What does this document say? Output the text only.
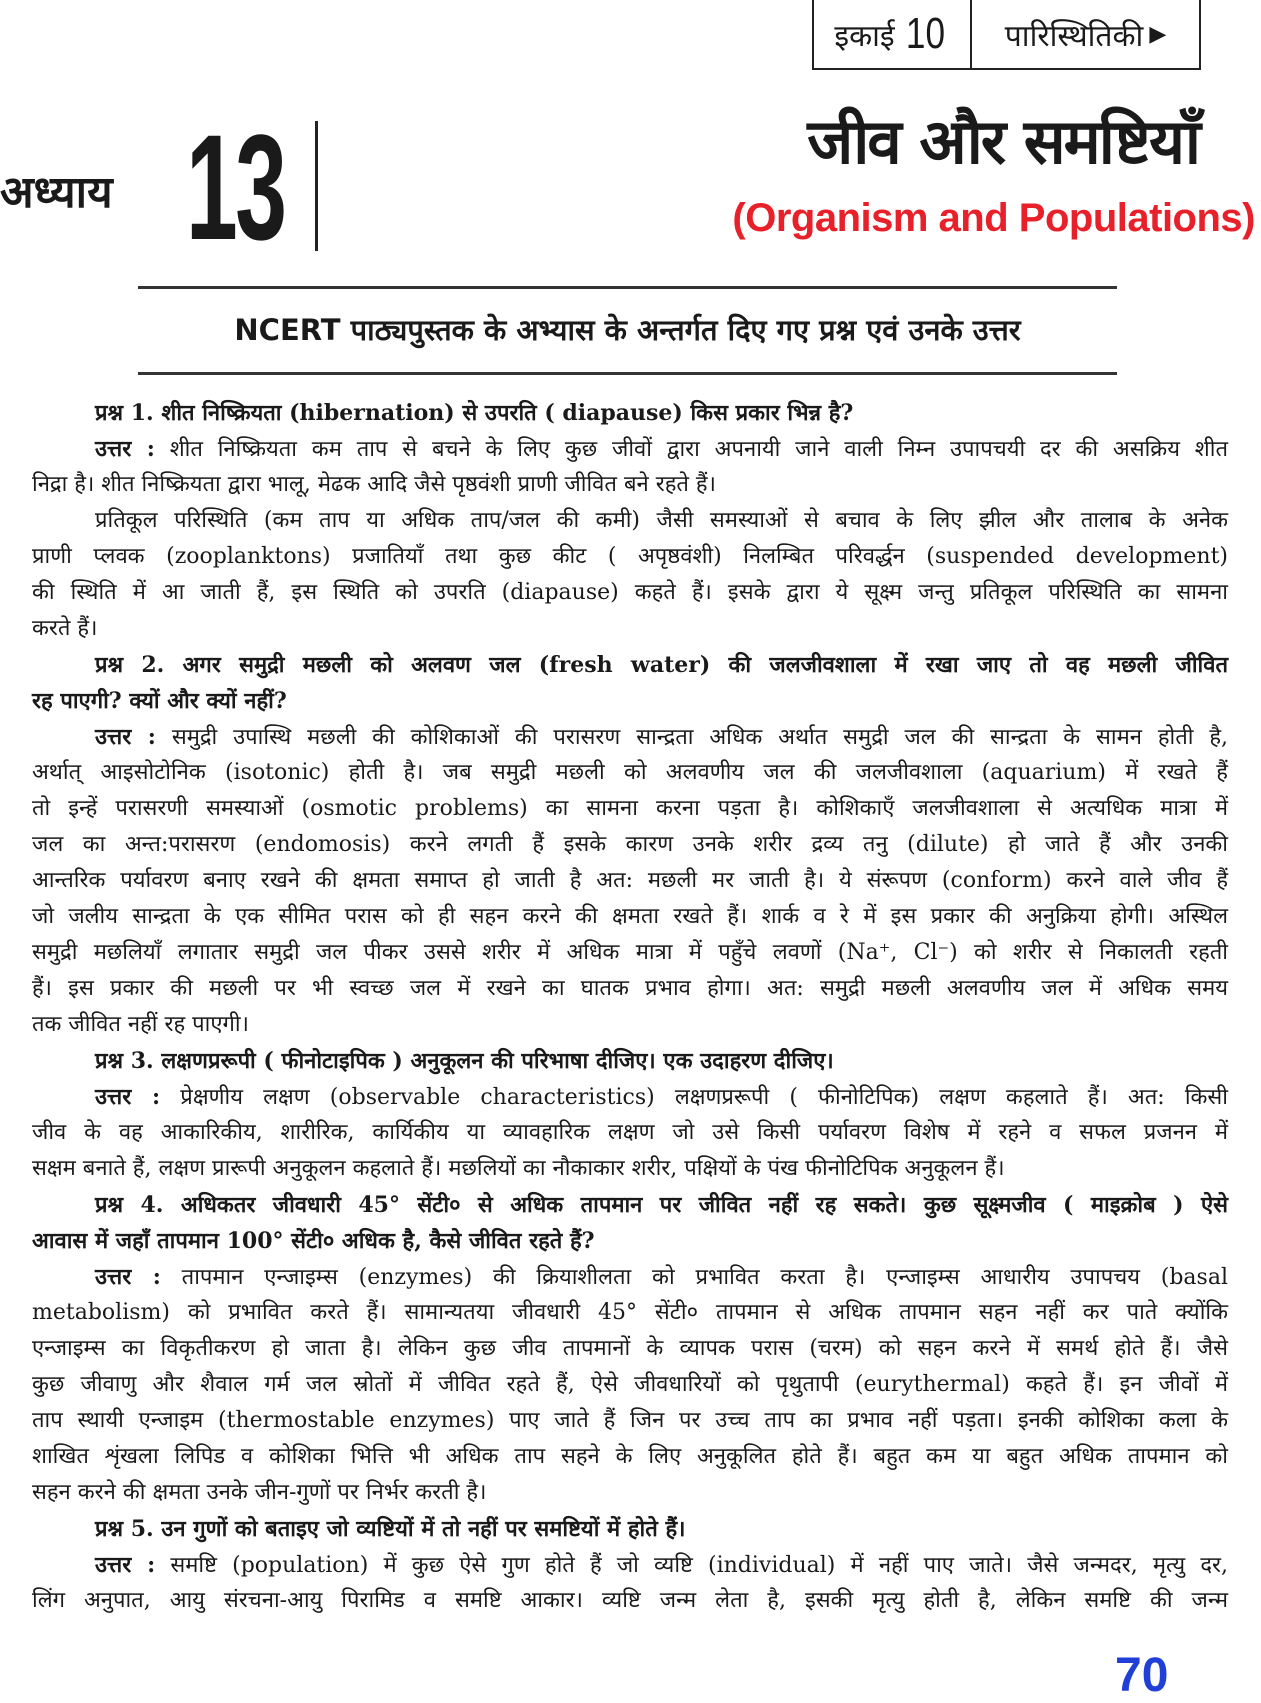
इकाई 10 पारिस्थितिकी ▶
अध्याय 13	जीव और समष्टियाँ
(Organism and Populations)
NCERT पाठ्यपुस्तक के अभ्यास के अन्तर्गत दिए गए प्रश्न एवं उनके उत्तर
प्रश्न 1. शीत निष्क्रियता (hibernation) से उपरति ( diapause) किस प्रकार भिन्न है?
उत्तर : शीत निष्क्रियता कम ताप से बचने के लिए कुछ जीवों द्वारा अपनायी जाने वाली निम्न उपापचयी दर की असक्रिय शीत
निद्रा है। शीत निष्क्रियता द्वारा भालू, मेढक आदि जैसे पृष्ठवंशी प्राणी जीवित बने रहते हैं।
प्रतिकूल परिस्थिति (कम ताप या अधिक ताप/जल की कमी) जैसी समस्याओं से बचाव के लिए झील और तालाब के अनेक
प्राणी प्लवक (zooplanktons) प्रजातियाँ तथा कुछ कीट ( अपृष्ठवंशी) निलम्बित परिवर्द्धन (suspended development)
की स्थिति में आ जाती हैं, इस स्थिति को उपरति (diapause) कहते हैं। इसके द्वारा ये सूक्ष्म जन्तु प्रतिकूल परिस्थिति का सामना
करते हैं।
प्रश्न 2. अगर समुद्री मछली को अलवण जल (fresh water) की जलजीवशाला में रखा जाए तो वह मछली जीवित
रह पाएगी? क्यों और क्यों नहीं?
उत्तर : समुद्री उपास्थि मछली की कोशिकाओं की परासरण सान्द्रता अधिक अर्थात समुद्री जल की सान्द्रता के सामन होती है,
अर्थात् आइसोटोनिक (isotonic) होती है। जब समुद्री मछली को अलवणीय जल की जलजीवशाला (aquarium) में रखते हैं
तो इन्हें परासरणी समस्याओं (osmotic problems) का सामना करना पड़ता है। कोशिकाएँ जलजीवशाला से अत्यधिक मात्रा में
जल का अन्त:परासरण (endomosis) करने लगती हैं इसके कारण उनके शरीर द्रव्य तनु (dilute) हो जाते हैं और उनकी
आन्तरिक पर्यावरण बनाए रखने की क्षमता समाप्त हो जाती है अत: मछली मर जाती है। ये संरूपण (conform) करने वाले जीव हैं
जो जलीय सान्द्रता के एक सीमित परास को ही सहन करने की क्षमता रखते हैं। शार्क व रे में इस प्रकार की अनुक्रिया होगी। अस्थिल
समुद्री मछलियाँ लगातार समुद्री जल पीकर उससे शरीर में अधिक मात्रा में पहुँचे लवणों (Na⁺, Cl⁻) को शरीर से निकालती रहती
हैं। इस प्रकार की मछली पर भी स्वच्छ जल में रखने का घातक प्रभाव होगा। अत: समुद्री मछली अलवणीय जल में अधिक समय
तक जीवित नहीं रह पाएगी।
प्रश्न 3. लक्षणप्ररूपी ( फीनोटाइपिक ) अनुकूलन की परिभाषा दीजिए। एक उदाहरण दीजिए।
उत्तर : प्रेक्षणीय लक्षण (observable characteristics) लक्षणप्ररूपी ( फीनोटिपिक) लक्षण कहलाते हैं। अत: किसी
जीव के वह आकारिकीय, शारीरिक, कार्यिकीय या व्यावहारिक लक्षण जो उसे किसी पर्यावरण विशेष में रहने व सफल प्रजनन में
सक्षम बनाते हैं, लक्षण प्रारूपी अनुकूलन कहलाते हैं। मछलियों का नौकाकार शरीर, पक्षियों के पंख फीनोटिपिक अनुकूलन हैं।
प्रश्न 4. अधिकतर जीवधारी 45° सेंटी० से अधिक तापमान पर जीवित नहीं रह सकते। कुछ सूक्ष्मजीव ( माइक्रोब ) ऐसे
आवास में जहाँ तापमान 100° सेंटी० अधिक है, कैसे जीवित रहते हैं?
उत्तर : तापमान एन्जाइम्स (enzymes) की क्रियाशीलता को प्रभावित करता है। एन्जाइम्स आधारीय उपापचय (basal
metabolism) को प्रभावित करते हैं। सामान्यतया जीवधारी 45° सेंटी० तापमान से अधिक तापमान सहन नहीं कर पाते क्योंकि
एन्जाइम्स का विकृतीकरण हो जाता है। लेकिन कुछ जीव तापमानों के व्यापक परास (चरम) को सहन करने में समर्थ होते हैं। जैसे
कुछ जीवाणु और शैवाल गर्म जल स्रोतों में जीवित रहते हैं, ऐसे जीवधारियों को पृथुतापी (eurythermal) कहते हैं। इन जीवों में
ताप स्थायी एन्जाइम (thermostable enzymes) पाए जाते हैं जिन पर उच्च ताप का प्रभाव नहीं पड़ता। इनकी कोशिका कला के
शाखित शृंखला लिपिड व कोशिका भित्ति भी अधिक ताप सहने के लिए अनुकूलित होते हैं। बहुत कम या बहुत अधिक तापमान को
सहन करने की क्षमता उनके जीन-गुणों पर निर्भर करती है।
प्रश्न 5. उन गुणों को बताइए जो व्यष्टियों में तो नहीं पर समष्टियों में होते हैं।
उत्तर : समष्टि (population) में कुछ ऐसे गुण होते हैं जो व्यष्टि (individual) में नहीं पाए जाते। जैसे जन्मदर, मृत्यु दर,
लिंग अनुपात, आयु संरचना-आयु पिरामिड व समष्टि आकार। व्यष्टि जन्म लेता है, इसकी मृत्यु होती है, लेकिन समष्टि की जन्म
70
